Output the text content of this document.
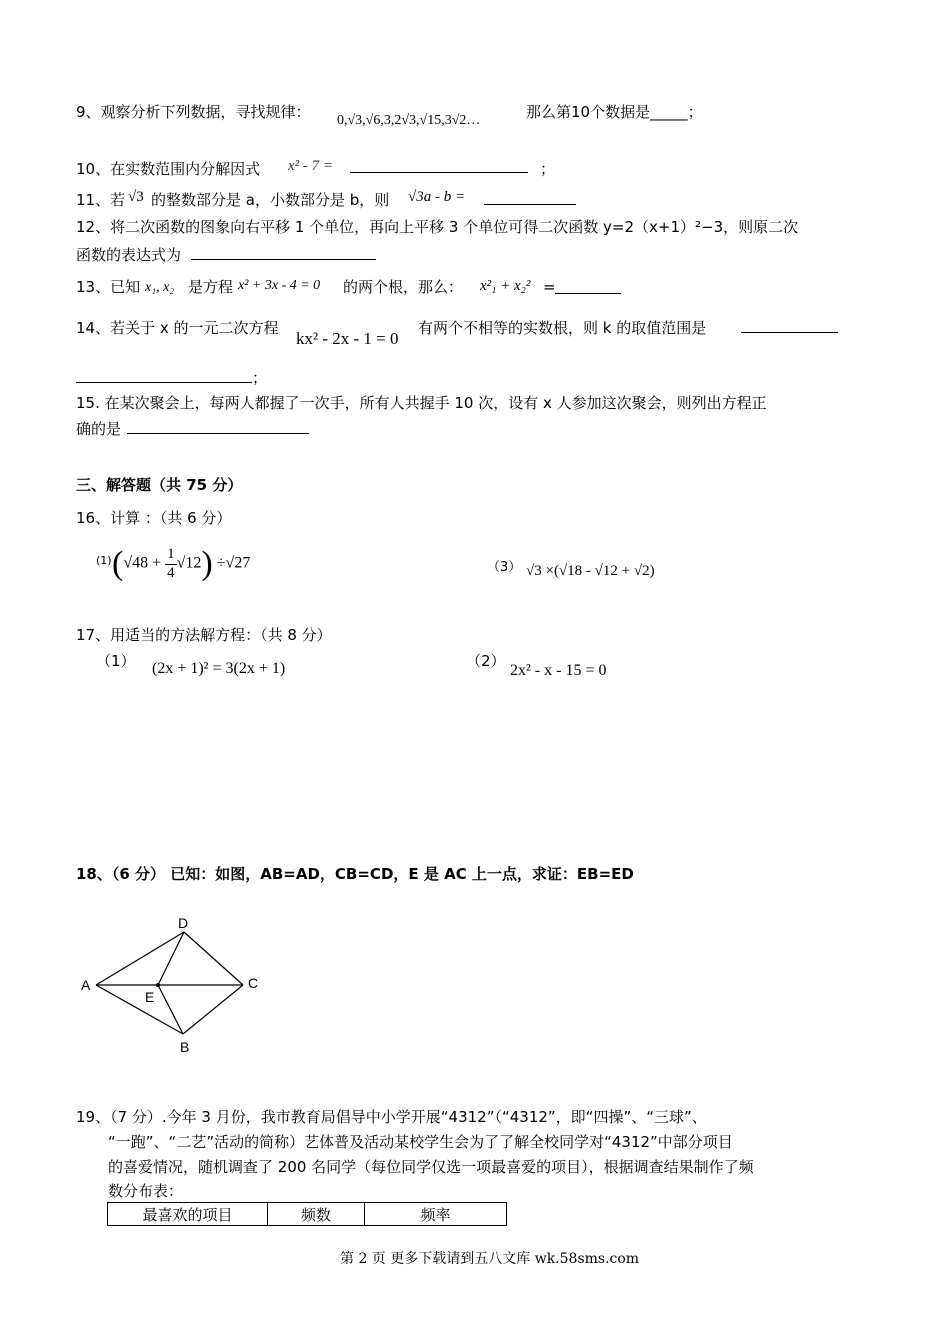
9、观察分析下列数据，寻找规律： 0,√3,√6,3,2√3,√15,3√2…	那么第10个数据是_____；
10、在实数范围内分解因式 x² - 7 =	；
11、若 √3 的整数部分是 a，小数部分是 b，则 √3a - b =
12、将二次函数的图象向右平移 1 个单位，再向上平移 3 个单位可得二次函数 y=2（x+1）²−3，则原二次
函数的表达式为
13、已知 x₁, x₂ 是方程 x² + 3x - 4 = 0 的两个根，那么： x²₁ + x₂² =
14、若关于 x 的一元二次方程
kx² - 2x - 1 = 0
有两个不相等的实数根，则 k 的取值范围是
；
15. 在某次聚会上，每两人都握了一次手，所有人共握手 10 次，设有 x 人参加这次聚会，则列出方程正
确的是
三、解答题（共 75 分）
16、计算 ：（共 6 分）
(1) $(√48 + \frac{1}{4} √12) \div√27$	（3） √3 ×(√18 - √12 + √2)
17、用适当的方法解方程：（共 8 分）
（1） (2x + 1)² = 3(2x + 1)	（2）
2x² - x - 15 = 0
18、（6 分） 已知：如图，AB=AD，CB=CD，E 是 AC 上一点，求证：EB=ED
A
D
C
B
E
19、（7 分）.今年 3 月份，我市教育局倡导中小学开展“4312”（“4312”，即“四操”、“三球”、
“一跑”、“二艺”活动的简称）艺体普及活动某校学生会为了了解全校同学对“4312”中部分项目
的喜爱情况，随机调查了 200 名同学（每位同学仅选一项最喜爱的项目），根据调查结果制作了频
数分布表：
最喜欢的项目	频数	频率
第 2 页 更多下载请到五八文库 wk.58sms.com
